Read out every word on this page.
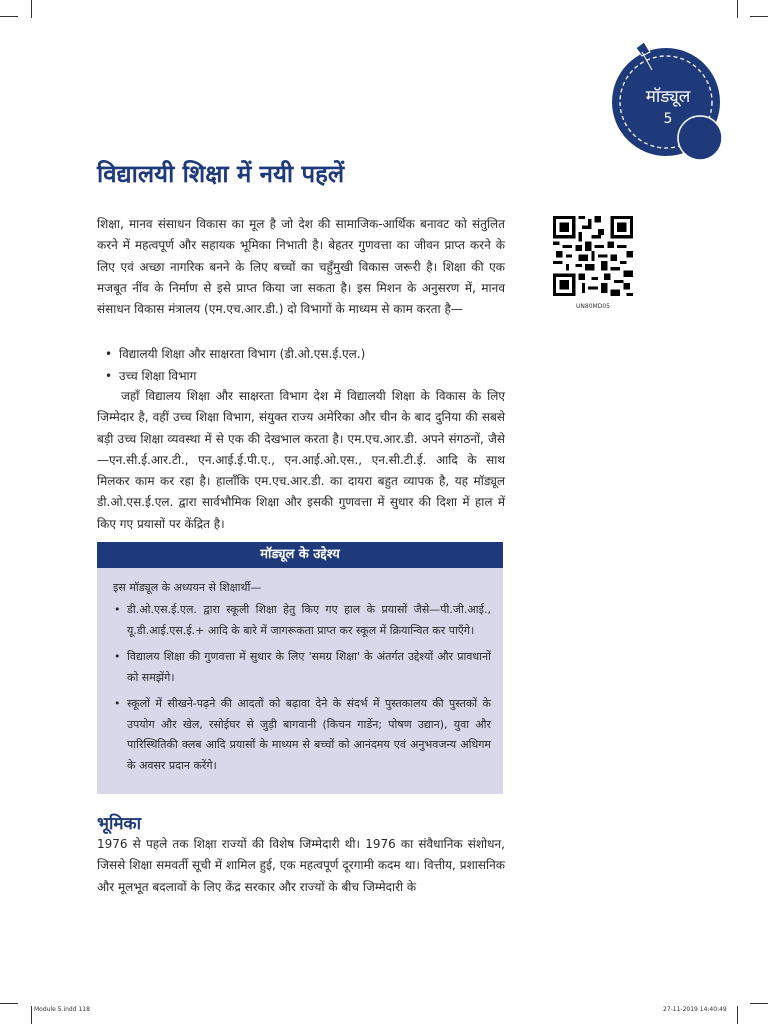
मॉड्यूल
5
विद्यालयी शिक्षा में नयी पहलें
UN80MD05

शिक्षा, मानव संसाधन विकास का मूल है जो देश की सामाजिक-आर्थिक बनावट को संतुलित करने में महत्वपूर्ण और सहायक भूमिका निभाती है। बेहतर गुणवत्ता का जीवन प्राप्त करने के लिए एवं अच्छा नागरिक बनने के लिए बच्चों का चहुँमुखी विकास जरूरी है। शिक्षा की एक मजबूत नींव के निर्माण से इसे प्राप्त किया जा सकता है। इस मिशन के अनुसरण में, मानव संसाधन विकास मंत्रालय (एम.एच.आर.डी.) दो विभागों के माध्यम से काम करता है—

• विद्यालयी शिक्षा और साक्षरता विभाग (डी.ओ.एस.ई.एल.)
• उच्च शिक्षा विभाग

जहाँ विद्यालय शिक्षा और साक्षरता विभाग देश में विद्यालयी शिक्षा के विकास के लिए जिम्मेदार है, वहीं उच्च शिक्षा विभाग, संयुक्त राज्य अमेरिका और चीन के बाद दुनिया की सबसे बड़ी उच्च शिक्षा व्यवस्था में से एक की देखभाल करता है। एम.एच.आर.डी. अपने संगठनों, जैसे—एन.सी.ई.आर.टी., एन.आई.ई.पी.ए., एन.आई.ओ.एस., एन.सी.टी.ई. आदि के साथ मिलकर काम कर रहा है। हालाँकि एम.एच.आर.डी. का दायरा बहुत व्यापक है, यह मॉड्यूल डी.ओ.एस.ई.एल. द्वारा सार्वभौमिक शिक्षा और इसकी गुणवत्ता में सुधार की दिशा में हाल में किए गए प्रयासों पर केंद्रित है।

मॉड्यूल के उद्देश्य

इस मॉड्यूल के अध्ययन से शिक्षार्थी—

• डी.ओ.एस.ई.एल. द्वारा स्कूली शिक्षा हेतु किए गए हाल के प्रयासों जैसे—पी.जी.आई., यू.डी.आई.एस.ई.+ आदि के बारे में जागरूकता प्राप्त कर स्कूल में क्रियान्वित कर पाएँगे।
• विद्यालय शिक्षा की गुणवत्ता में सुधार के लिए 'समग्र शिक्षा' के अंतर्गत उद्देश्यों और प्रावधानों को समझेंगे।
• स्कूलों में सीखने-पढ़ने की आदतों को बढ़ावा देने के संदर्भ में पुस्तकालय की पुस्तकों के उपयोग और खेल, रसोईघर से जुड़ी बागवानी (किचन गार्डेन; पोषण उद्यान), युवा और पारिस्थितिकी क्लब आदि प्रयासों के माध्यम से बच्चों को आनंदमय एवं अनुभवजन्य अधिगम के अवसर प्रदान करेंगे।
भूमिका

1976 से पहले तक शिक्षा राज्यों की विशेष जिम्मेदारी थी। 1976 का संवैधानिक संशोधन, जिससे शिक्षा समवर्ती सूची में शामिल हुई, एक महत्वपूर्ण दूरगामी कदम था। वित्तीय, प्रशासनिक और मूलभूत बदलावों के लिए केंद्र सरकार और राज्यों के बीच जिम्मेदारी के

Module 5.indd 118	27-11-2019 14:40:49
